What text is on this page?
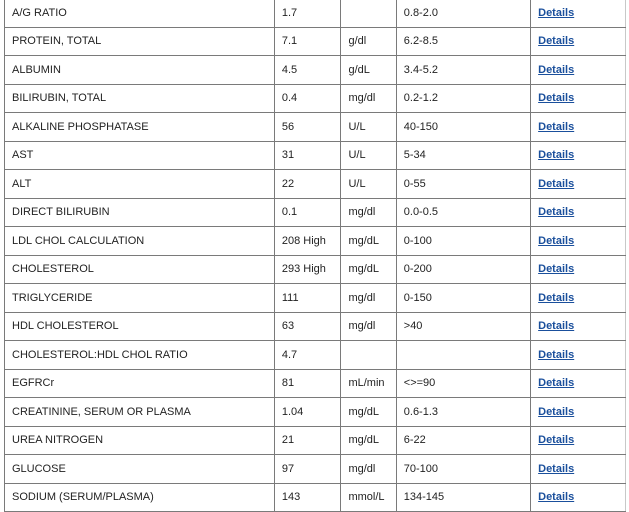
A/G RATIO	1.7		0.8-2.0	Details
PROTEIN, TOTAL	7.1	g/dl	6.2-8.5	Details
ALBUMIN	4.5	g/dL	3.4-5.2	Details
BILIRUBIN, TOTAL	0.4	mg/dl	0.2-1.2	Details
ALKALINE PHOSPHATASE	56	U/L	40-150	Details
AST	31	U/L	5-34	Details
ALT	22	U/L	0-55	Details
DIRECT BILIRUBIN	0.1	mg/dl	0.0-0.5	Details
LDL CHOL CALCULATION	208 High	mg/dL	0-100	Details
CHOLESTEROL	293 High	mg/dL	0-200	Details
TRIGLYCERIDE	111	mg/dl	0-150	Details
HDL CHOLESTEROL	63	mg/dl	>40	Details
CHOLESTEROL:HDL CHOL RATIO	4.7			Details
EGFRCr	81	mL/min	<>=90	Details
CREATININE, SERUM OR PLASMA	1.04	mg/dL	0.6-1.3	Details
UREA NITROGEN	21	mg/dL	6-22	Details
GLUCOSE	97	mg/dl	70-100	Details
SODIUM (SERUM/PLASMA)	143	mmol/L	134-145	Details
